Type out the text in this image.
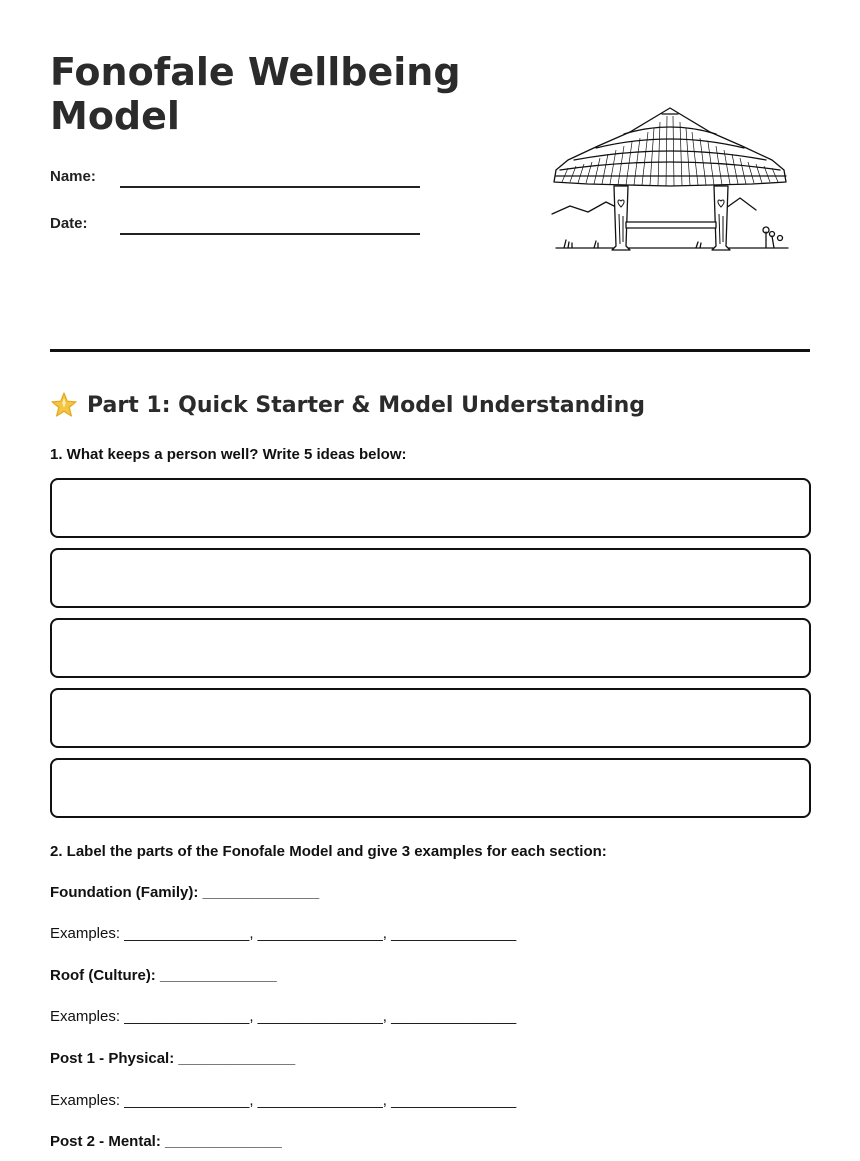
Fonofale Wellbeing Model
Name:
Date:
Part 1: Quick Starter & Model Understanding

1. What keeps a person well? Write 5 ideas below:

2. Label the parts of the Fonofale Model and give 3 examples for each section:

Foundation (Family): ______________
Examples: _______________, _______________, _______________
Roof (Culture): ______________
Examples: _______________, _______________, _______________
Post 1 - Physical: ______________
Examples: _______________, _______________, _______________
Post 2 - Mental: ______________
